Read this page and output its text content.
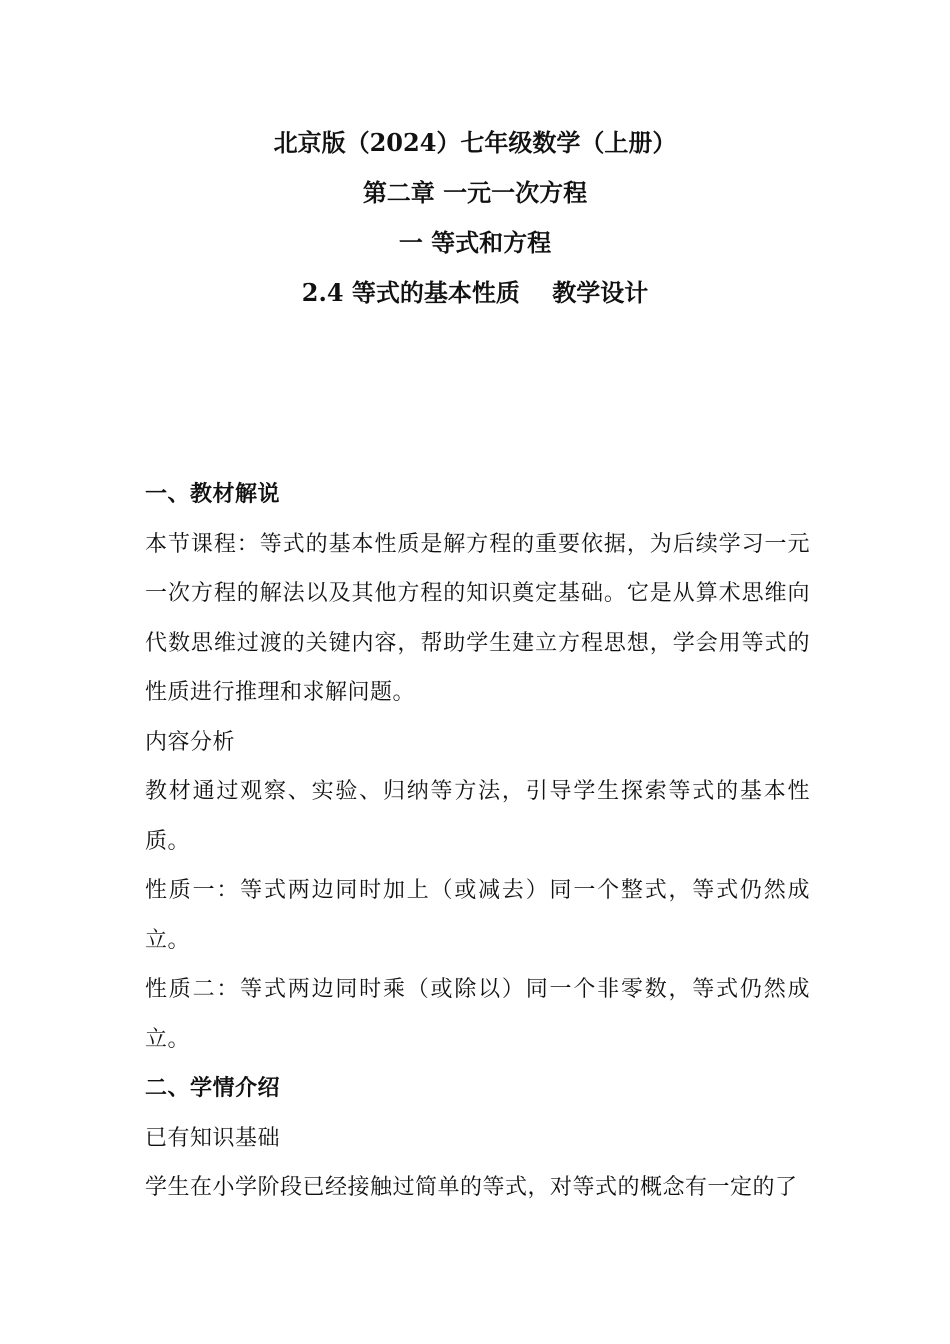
北京版（2024）七年级数学（上册）
第二章 一元一次方程
一 等式和方程
2.4 等式的基本性质　 教学设计

一、教材解说

本节课程：等式的基本性质是解方程的重要依据，为后续学习一元一次方程的解法以及其他方程的知识奠定基础。它是从算术思维向代数思维过渡的关键内容，帮助学生建立方程思想，学会用等式的性质进行推理和求解问题。

内容分析

教材通过观察、实验、归纳等方法，引导学生探索等式的基本性质。

性质一：等式两边同时加上（或减去）同一个整式，等式仍然成立。

性质二：等式两边同时乘（或除以）同一个非零数，等式仍然成立。

二、学情介绍

已有知识基础

学生在小学阶段已经接触过简单的等式，对等式的概念有一定的了
